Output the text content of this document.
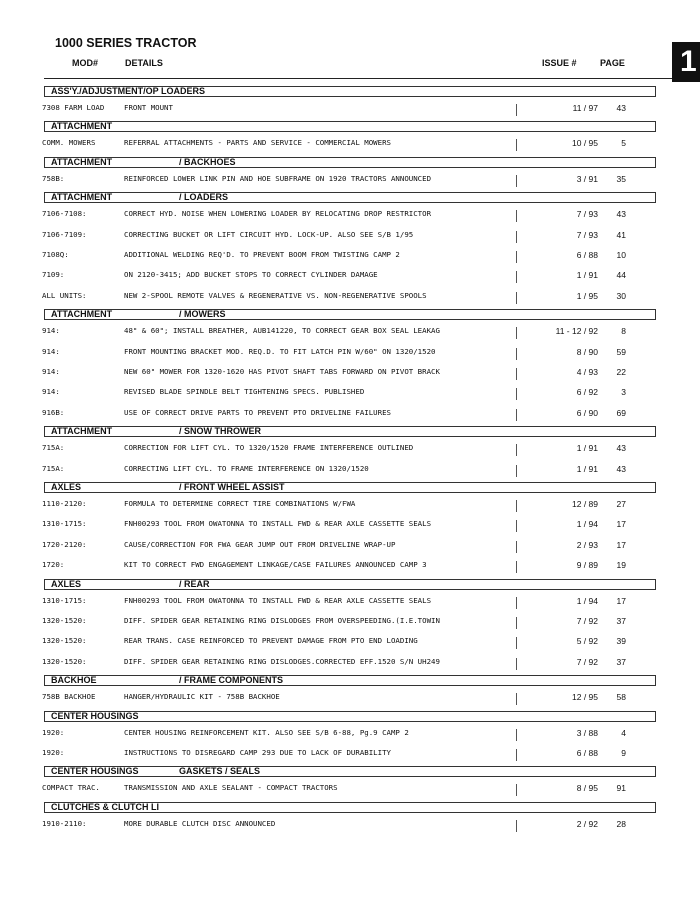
1000 SERIES TRACTOR
MOD#	DETAILS	ISSUE #	PAGE 1
ASS'Y./ADJUSTMENT/OP LOADERS
7308 FARM LOAD	FRONT MOUNT	11 / 97	43
ATTACHMENT
COMM. MOWERS	REFERRAL ATTACHMENTS - PARTS AND SERVICE - COMMERCIAL MOWERS	10 / 95	5
ATTACHMENT	/ BACKHOES
758B:	REINFORCED LOWER LINK PIN AND HOE SUBFRAME ON 1920 TRACTORS ANNOUNCED	3 / 91	35
ATTACHMENT	/ LOADERS
7106-7108:	CORRECT HYD. NOISE WHEN LOWERING LOADER BY RELOCATING DROP RESTRICTOR	7 / 93	43
7106-7109:	CORRECTING BUCKET OR LIFT CIRCUIT HYD. LOCK-UP. ALSO SEE S/B 1/95	7 / 93	41
7108Q:	ADDITIONAL WELDING REQ'D. TO PREVENT BOOM FROM TWISTING CAMP 2	6 / 88	10
7109:	ON 2120-3415; ADD BUCKET STOPS TO CORRECT CYLINDER DAMAGE	1 / 91	44
ALL UNITS:	NEW 2-SPOOL REMOTE VALVES & REGENERATIVE VS. NON-REGENERATIVE SPOOLS	1 / 95	30
ATTACHMENT	/ MOWERS
914:	48" & 60"; INSTALL BREATHER, AUB141220, TO CORRECT GEAR BOX SEAL LEAKAG	11 - 12 / 92	8
914:	FRONT MOUNTING BRACKET MOD. REQ.D. TO FIT LATCH PIN W/60" ON 1320/1520	8 / 90	59
914:	NEW 60" MOWER FOR 1320-1620 HAS PIVOT SHAFT TABS FORWARD ON PIVOT BRACK	4 / 93	22
914:	REVISED BLADE SPINDLE BELT TIGHTENING SPECS. PUBLISHED	6 / 92	3
916B:	USE OF CORRECT DRIVE PARTS TO PREVENT PTO DRIVELINE FAILURES	6 / 90	69
ATTACHMENT	/ SNOW THROWER
715A:	CORRECTION FOR LIFT CYL. TO 1320/1520 FRAME INTERFERENCE OUTLINED	1 / 91	43
715A:	CORRECTING LIFT CYL. TO FRAME INTERFERENCE ON 1320/1520	1 / 91	43
AXLES	/ FRONT WHEEL ASSIST
1110-2120:	FORMULA TO DETERMINE CORRECT TIRE COMBINATIONS W/FWA	12 / 89	27
1310-1715:	FNH00293 TOOL FROM OWATONNA TO INSTALL FWD & REAR AXLE CASSETTE SEALS	1 / 94	17
1720-2120:	CAUSE/CORRECTION FOR FWA GEAR JUMP OUT FROM DRIVELINE WRAP-UP	2 / 93	17
1720:	KIT TO CORRECT FWD ENGAGEMENT LINKAGE/CASE FAILURES ANNOUNCED CAMP 3	9 / 89	19
AXLES	/ REAR
1310-1715:	FNH00293 TOOL FROM OWATONNA TO INSTALL FWD & REAR AXLE CASSETTE SEALS	1 / 94	17
1320-1520:	DIFF. SPIDER GEAR RETAINING RING DISLODGES FROM OVERSPEEDING.(I.E.TOWIN	7 / 92	37
1320-1520:	REAR TRANS. CASE REINFORCED TO PREVENT DAMAGE FROM PTO END LOADING	5 / 92	39
1320-1520:	DIFF. SPIDER GEAR RETAINING RING DISLODGES.CORRECTED EFF.1520 S/N UH249	7 / 92	37
BACKHOE	/ FRAME COMPONENTS
758B BACKHOE	HANGER/HYDRAULIC KIT - 758B BACKHOE	12 / 95	58
CENTER HOUSINGS
1920:	CENTER HOUSING REINFORCEMENT KIT. ALSO SEE S/B 6-88, Pg.9 CAMP 2	3 / 88	4
1920:	INSTRUCTIONS TO DISREGARD CAMP 293 DUE TO LACK OF DURABILITY	6 / 88	9
CENTER HOUSINGS	GASKETS / SEALS
COMPACT TRAC.	TRANSMISSION AND AXLE SEALANT - COMPACT TRACTORS	8 / 95	91
CLUTCHES & CLUTCH LI
1910-2110:	MORE DURABLE CLUTCH DISC ANNOUNCED	2 / 92	28
